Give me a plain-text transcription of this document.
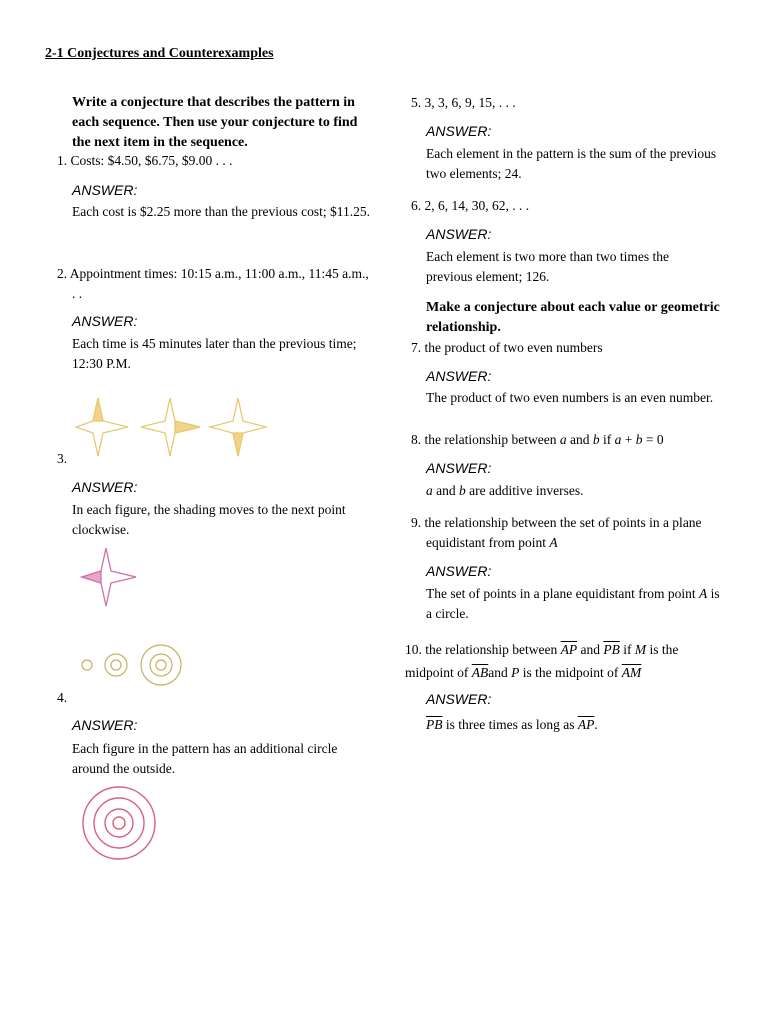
2-1 Conjectures and Counterexamples
Write a conjecture that describes the pattern in each sequence. Then use your conjecture to find the next item in the sequence.
1. Costs: $4.50, $6.75, $9.00 . . .
ANSWER:
Each cost is $2.25 more than the previous cost; $11.25.
2. Appointment times: 10:15 a.m., 11:00 a.m., 11:45 a.m., . .
ANSWER:
Each time is 45 minutes later than the previous time; 12:30 P.M.
3.
ANSWER:
In each figure, the shading moves to the next point clockwise.
4.
ANSWER:
Each figure in the pattern has an additional circle around the outside.
5. 3, 3, 6, 9, 15, . . .
ANSWER:
Each element in the pattern is the sum of the previous two elements; 24.
6. 2, 6, 14, 30, 62, . . .
ANSWER:
Each element is two more than two times the previous element; 126.
Make a conjecture about each value or geometric relationship.
7. the product of two even numbers
ANSWER:
The product of two even numbers is an even number.
8. the relationship between a and b if a + b = 0
ANSWER:
a and b are additive inverses.
9. the relationship between the set of points in a plane equidistant from point A
ANSWER:
The set of points in a plane equidistant from point A is a circle.
10. the relationship between $\overline{AP}$ and $\overline{PB}$ if M is the midpoint of $\overline{AB}and$ P is the midpoint of $\overline{AM}$
ANSWER:
$\overline{PB}$ is three times as long as $\overline{AP}$.
